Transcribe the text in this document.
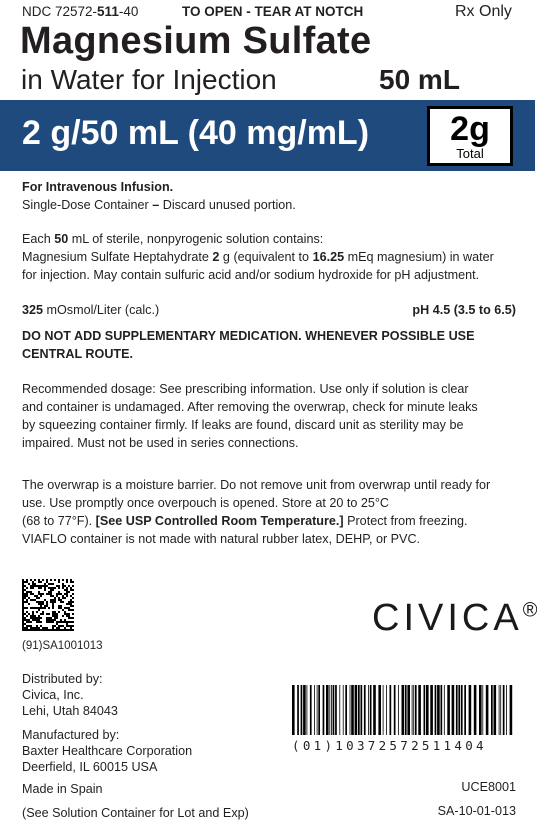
NDC 72572-511-40	TO OPEN - TEAR AT NOTCH	Rx Only
Magnesium Sulfate
in Water for Injection	50 mL
2 g/50 mL (40 mg/mL)	2g
Total
For Intravenous Infusion.
Single-Dose Container – Discard unused portion.
Each 50 mL of sterile, nonpyrogenic solution contains:
Magnesium Sulfate Heptahydrate 2 g (equivalent to 16.25 mEq magnesium) in water
for injection. May contain sulfuric acid and/or sodium hydroxide for pH adjustment.
325 mOsmol/Liter (calc.)	pH 4.5 (3.5 to 6.5)
DO NOT ADD SUPPLEMENTARY MEDICATION. WHENEVER POSSIBLE USE
CENTRAL ROUTE.
Recommended dosage: See prescribing information. Use only if solution is clear
and container is undamaged. After removing the overwrap, check for minute leaks
by squeezing container firmly. If leaks are found, discard unit as sterility may be
impaired. Must not be used in series connections.
The overwrap is a moisture barrier. Do not remove unit from overwrap until ready for
use. Use promptly once overpouch is opened. Store at 20 to 25°C
(68 to 77°F). [See USP Controlled Room Temperature.] Protect from freezing.
VIAFLO container is not made with natural rubber latex, DEHP, or PVC.
(91)SA1001013
CIVICA®
Distributed by:
Civica, Inc.
Lehi, Utah 84043
Manufactured by:
Baxter Healthcare Corporation
Deerfield, IL 60015 USA
(01)10372572511404
Made in Spain	UCE8001
(See Solution Container for Lot and Exp)	SA-10-01-013
